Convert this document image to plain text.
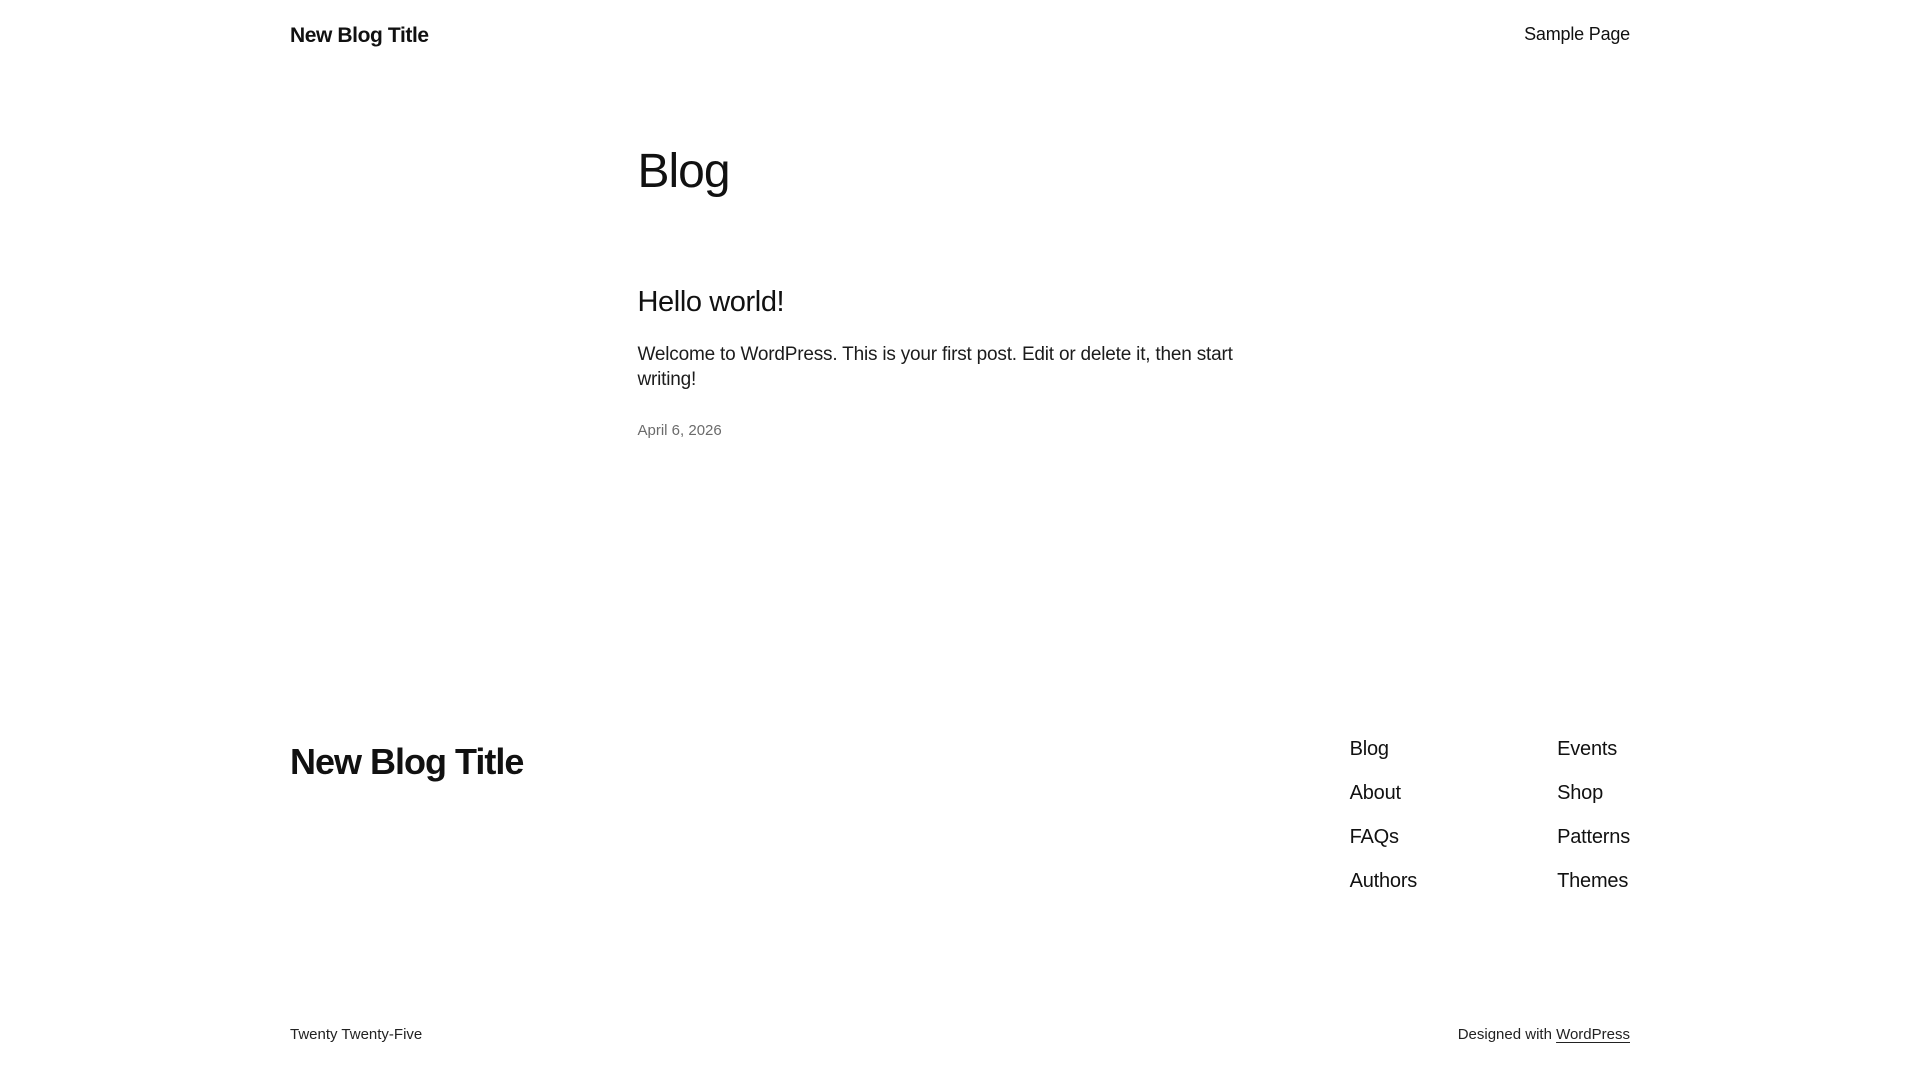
New Blog Title	Sample Page
Blog
Hello world!

Welcome to WordPress. This is your first post. Edit or delete it, then start writing!

April 6, 2026
New Blog Title	Blog
About
FAQs
Authors
Events
Shop
Patterns
Themes
Twenty Twenty-Five	Designed with WordPress
